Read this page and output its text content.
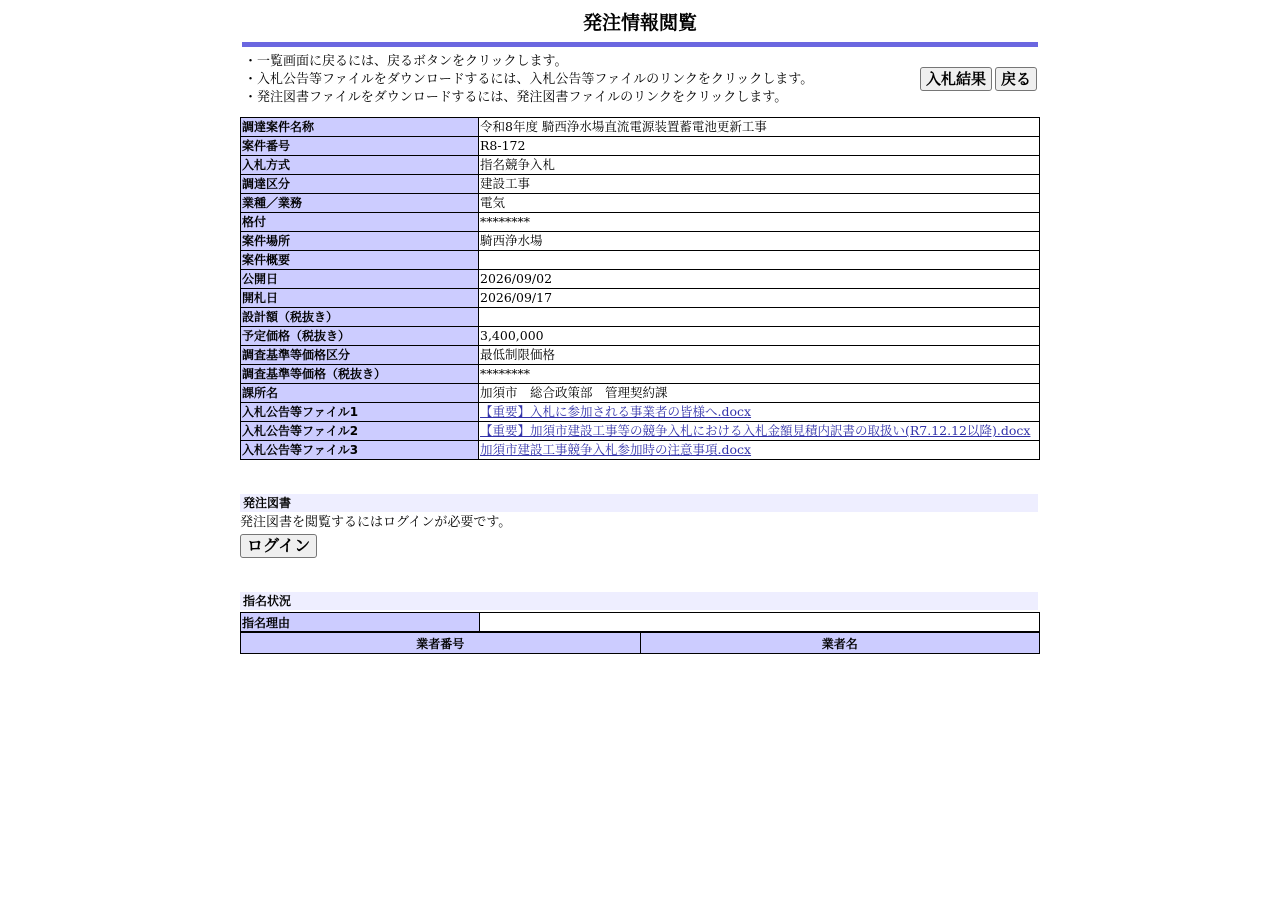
発注情報閲覧
・一覧画面に戻るには、戻るボタンをクリックします。
・入札公告等ファイルをダウンロードするには、入札公告等ファイルのリンクをクリックします。
・発注図書ファイルをダウンロードするには、発注図書ファイルのリンクをクリックします。
入札結果	戻る
調達案件名称	令和8年度 騎西浄水場直流電源装置蓄電池更新工事
案件番号	R8-172
入札方式	指名競争入札
調達区分	建設工事
業種／業務	電気
格付	********
案件場所	騎西浄水場
案件概要	
公開日	2026/09/02
開札日	2026/09/17
設計額（税抜き）	
予定価格（税抜き）	3,400,000
調査基準等価格区分	最低制限価格
調査基準等価格（税抜き）	********
課所名	加須市　総合政策部　管理契約課
入札公告等ファイル1	【重要】入札に参加される事業者の皆様へ.docx
入札公告等ファイル2	【重要】加須市建設工事等の競争入札における入札金額見積内訳書の取扱い(R7.12.12以降).docx
入札公告等ファイル3	加須市建設工事競争入札参加時の注意事項.docx
発注図書
発注図書を閲覧するにはログインが必要です。
ログイン
指名状況
指名理由	
業者番号	業者名
